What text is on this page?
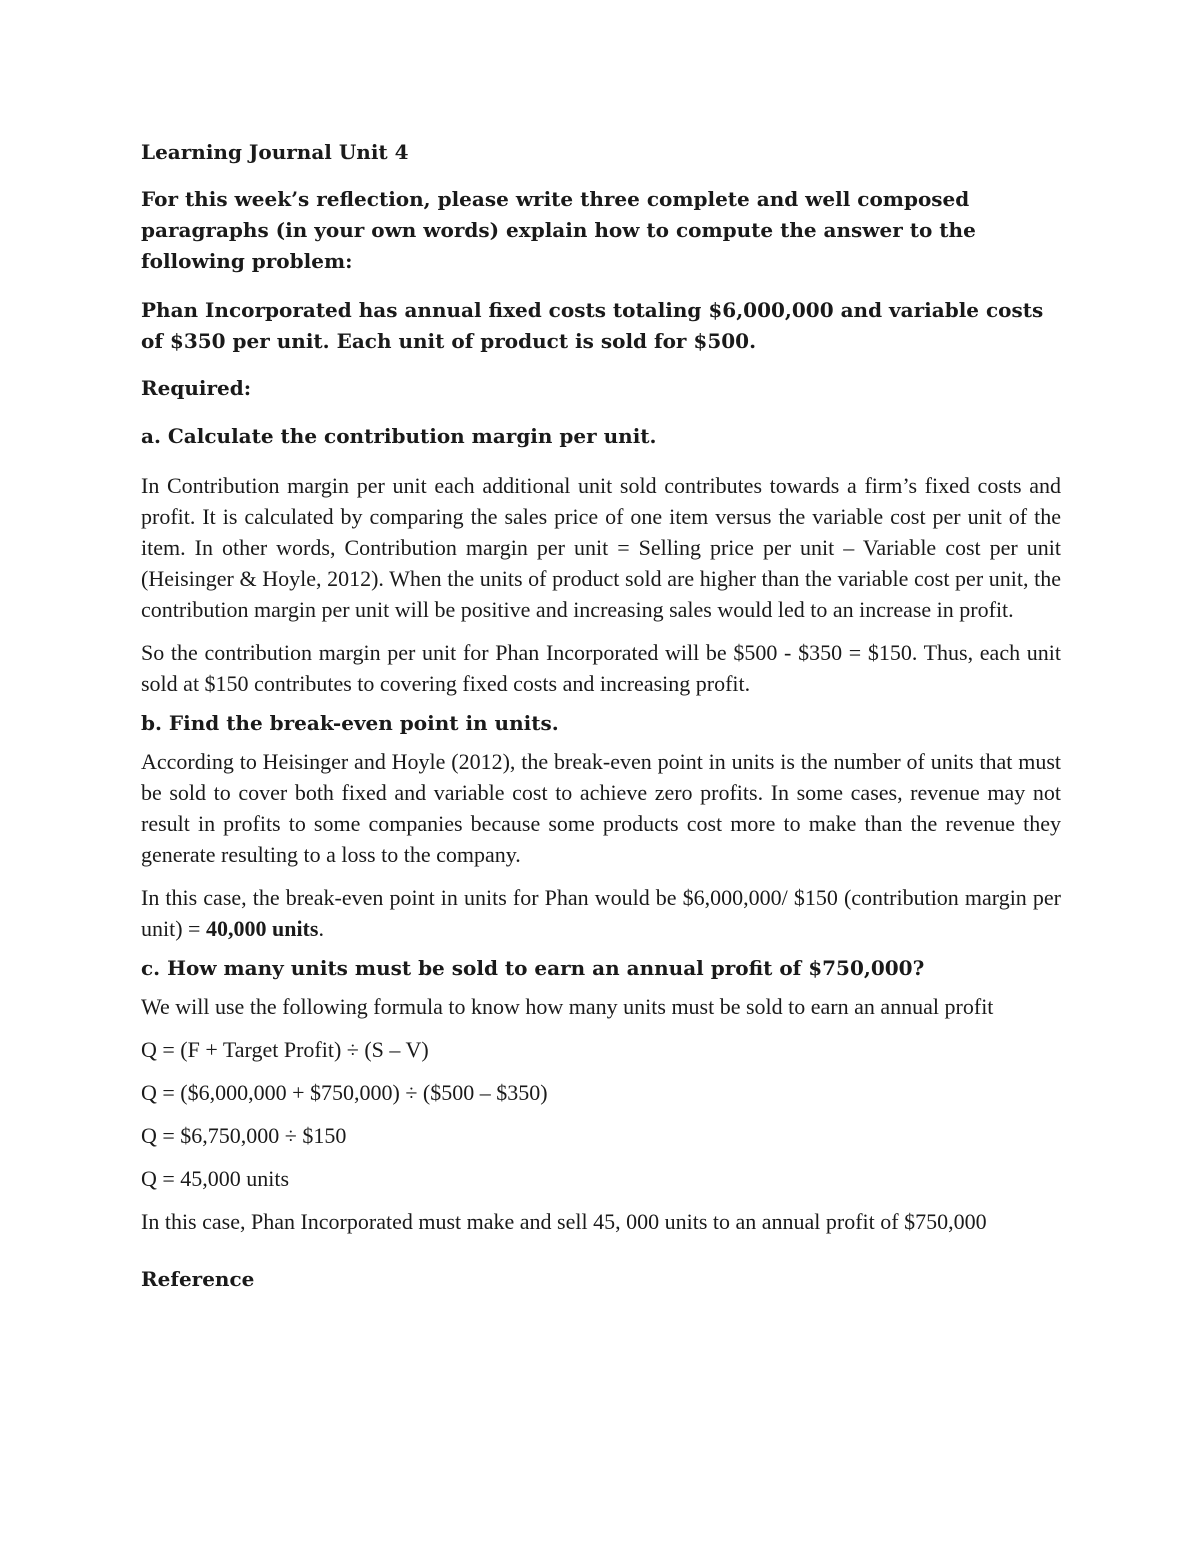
Learning Journal Unit 4

For this week’s reflection, please write three complete and well composed paragraphs (in your own words) explain how to compute the answer to the following problem:

Phan Incorporated has annual fixed costs totaling $6,000,000 and variable costs of $350 per unit. Each unit of product is sold for $500.

Required:

a. Calculate the contribution margin per unit.

In Contribution margin per unit each additional unit sold contributes towards a firm’s fixed costs and profit. It is calculated by comparing the sales price of one item versus the variable cost per unit of the item. In other words, Contribution margin per unit = Selling price per unit – Variable cost per unit (Heisinger & Hoyle, 2012). When the units of product sold are higher than the variable cost per unit, the contribution margin per unit will be positive and increasing sales would led to an increase in profit.

So the contribution margin per unit for Phan Incorporated will be $500 - $350 = $150. Thus, each unit sold at $150 contributes to covering fixed costs and increasing profit.

b. Find the break-even point in units.

According to Heisinger and Hoyle (2012), the break-even point in units is the number of units that must be sold to cover both fixed and variable cost to achieve zero profits. In some cases, revenue may not result in profits to some companies because some products cost more to make than the revenue they generate resulting to a loss to the company.

In this case, the break-even point in units for Phan would be $6,000,000/ $150 (contribution margin per unit) = 40,000 units.

c. How many units must be sold to earn an annual profit of $750,000?

We will use the following formula to know how many units must be sold to earn an annual profit

Q = (F + Target Profit) ÷ (S – V)

Q = ($6,000,000 + $750,000) ÷ ($500 – $350)

Q = $6,750,000 ÷ $150

Q = 45,000 units

In this case, Phan Incorporated must make and sell 45, 000 units to an annual profit of $750,000

Reference
